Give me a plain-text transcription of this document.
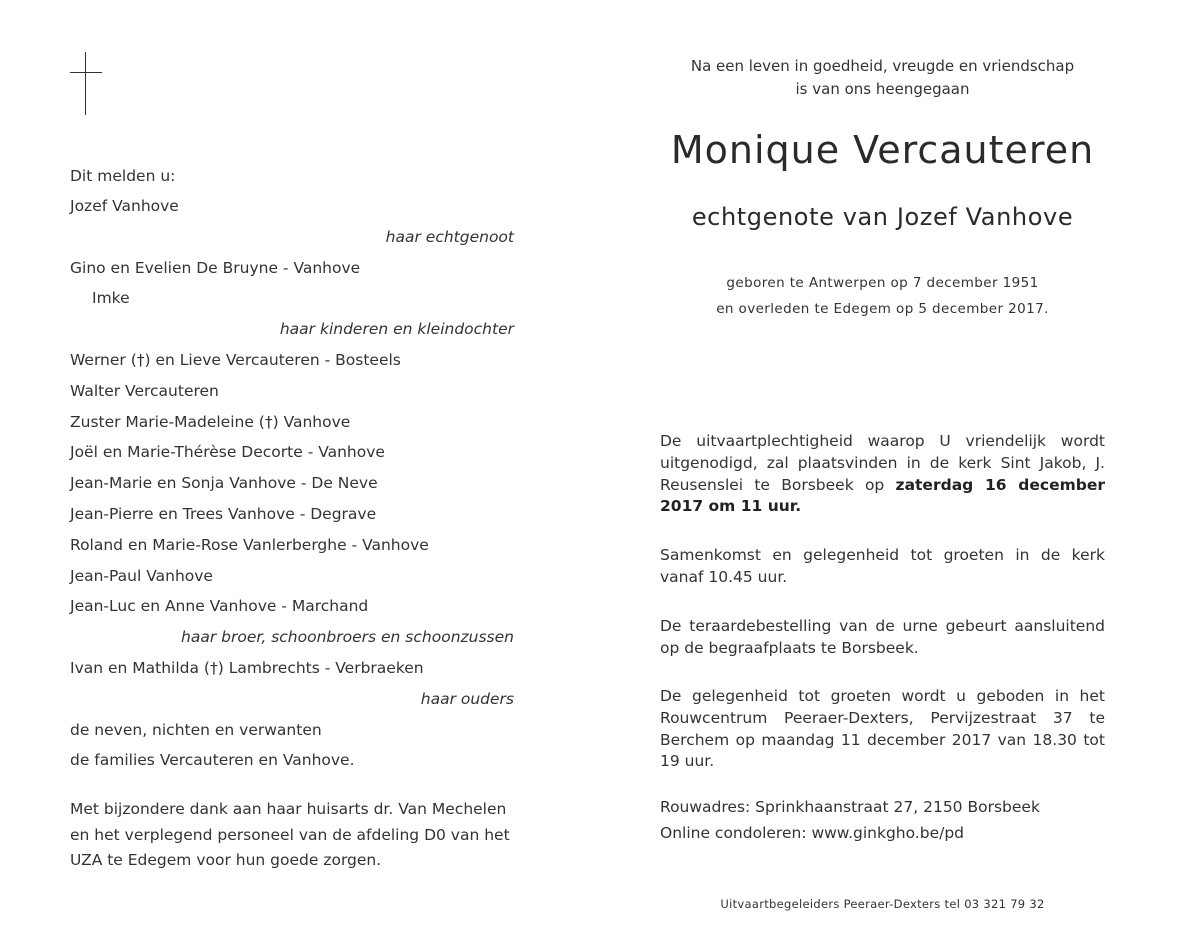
Dit melden u:
Jozef Vanhove
haar echtgenoot
Gino en Evelien De Bruyne - Vanhove
Imke
haar kinderen en kleindochter
Werner (†) en Lieve Vercauteren - Bosteels
Walter Vercauteren
Zuster Marie-Madeleine (†) Vanhove
Joël en Marie-Thérèse Decorte - Vanhove
Jean-Marie en Sonja Vanhove - De Neve
Jean-Pierre en Trees Vanhove - Degrave
Roland en Marie-Rose Vanlerberghe - Vanhove
Jean-Paul Vanhove
Jean-Luc en Anne Vanhove - Marchand
haar broer, schoonbroers en schoonzussen
Ivan en Mathilda (†) Lambrechts - Verbraeken
haar ouders
de neven, nichten en verwanten
de families Vercauteren en Vanhove.
Met bijzondere dank aan haar huisarts dr. Van Mechelen
en het verplegend personeel van de afdeling D0 van het
UZA te Edegem voor hun goede zorgen.
Na een leven in goedheid, vreugde en vriendschap
is van ons heengegaan
Monique Vercauteren
echtgenote van Jozef Vanhove
geboren te Antwerpen op 7 december 1951
en overleden te Edegem op 5 december 2017.
De uitvaartplechtigheid waarop U vriendelijk wordt uitgenodigd, zal plaatsvinden in de kerk Sint Jakob, J. Reusenslei te Borsbeek op zaterdag 16 december 2017 om 11 uur.
Samenkomst en gelegenheid tot groeten in de kerk vanaf 10.45 uur.
De teraardebestelling van de urne gebeurt aansluitend op de begraafplaats te Borsbeek.
De gelegenheid tot groeten wordt u geboden in het Rouwcentrum Peeraer-Dexters, Pervijzestraat 37 te Berchem op maandag 11 december 2017 van 18.30 tot 19 uur.
Rouwadres: Sprinkhaanstraat 27, 2150 Borsbeek
Online condoleren: www.ginkgho.be/pd
Uitvaartbegeleiders Peeraer-Dexters tel 03 321 79 32
